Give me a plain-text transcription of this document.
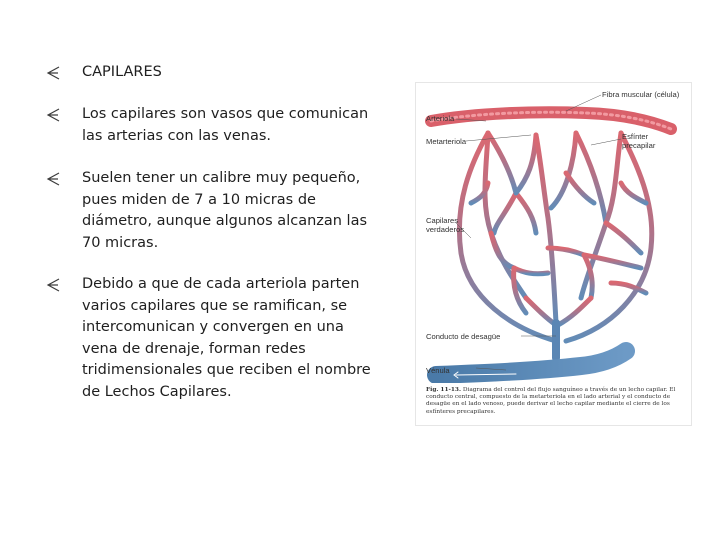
CAPILARES
Los capilares son vasos que comunican
las arterias con las venas.
Suelen tener un calibre muy pequeño,
pues miden de 7 a 10 micras de
diámetro, aunque algunos alcanzan las
70 micras.
Debido a que de cada arteriola parten
varios capilares que se ramifican, se
intercomunican y convergen en una
vena de drenaje, forman redes
tridimensionales que reciben el nombre
de Lechos Capilares.
Fibra muscular (célula)
Arteriola
Metarteriola
Esfínter precapilar
Capilares verdaderos
Conducto de desagüe
Vénula
Fig. 11-13. Diagrama del control del flujo sanguíneo a través de un lecho capilar. El conducto central, compuesto de la metarteriola en el lado arterial y el conducto de desagüe en el lado venoso, puede derivar el lecho capilar mediante el cierre de los esfínteres precapilares.
